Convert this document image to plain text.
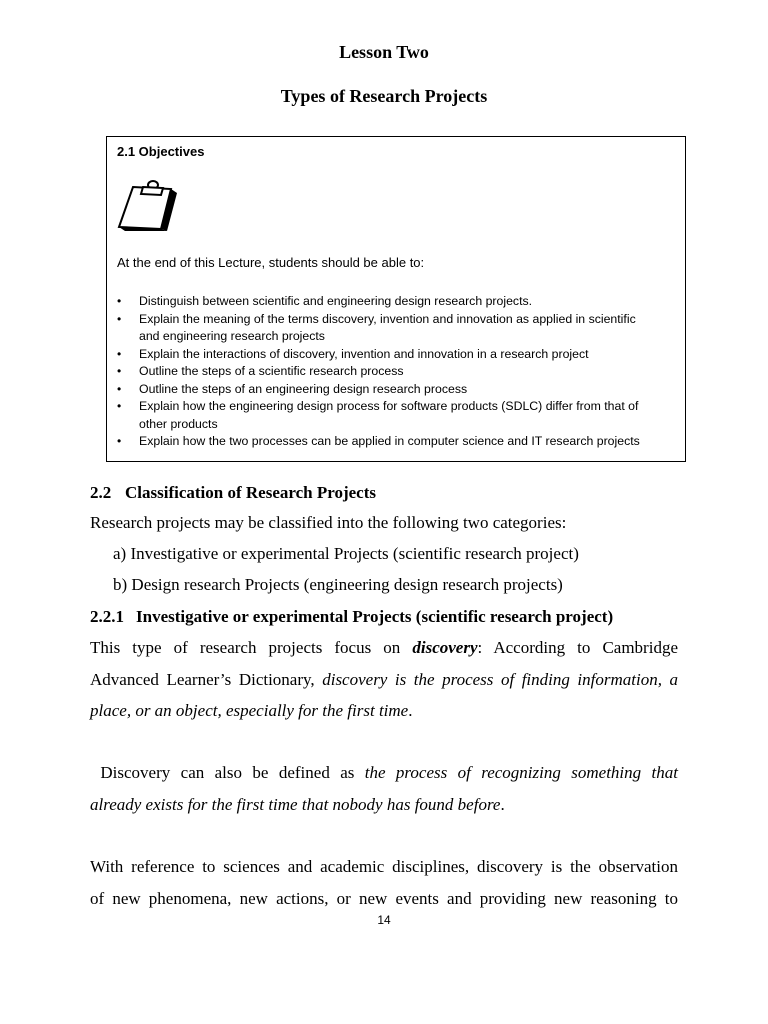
Lesson Two
Types of Research Projects
2.1 Objectives
At the end of this Lecture, students should be able to:
• Distinguish between scientific and engineering design research projects.
• Explain the meaning of the terms discovery, invention and innovation as applied in scientific
and engineering research projects
• Explain the interactions of discovery, invention and innovation in a research project
• Outline the steps of a scientific research process
• Outline the steps of an engineering design research process
• Explain how the engineering design process for software products (SDLC) differ from that of
other products
• Explain how the two processes can be applied in computer science and IT research projects
2.2 Classification of Research Projects
Research projects may be classified into the following two categories:
a) Investigative or experimental Projects (scientific research project)
b) Design research Projects (engineering design research projects)
2.2.1 Investigative or experimental Projects (scientific research project)
This type of research projects focus on discovery: According to Cambridge
Advanced Learner’s Dictionary, discovery is the process of finding information, a
place, or an object, especially for the first time.
Discovery can also be defined as the process of recognizing something that
already exists for the first time that nobody has found before.
With reference to sciences and academic disciplines, discovery is the observation
of new phenomena, new actions, or new events and providing new reasoning to
14
